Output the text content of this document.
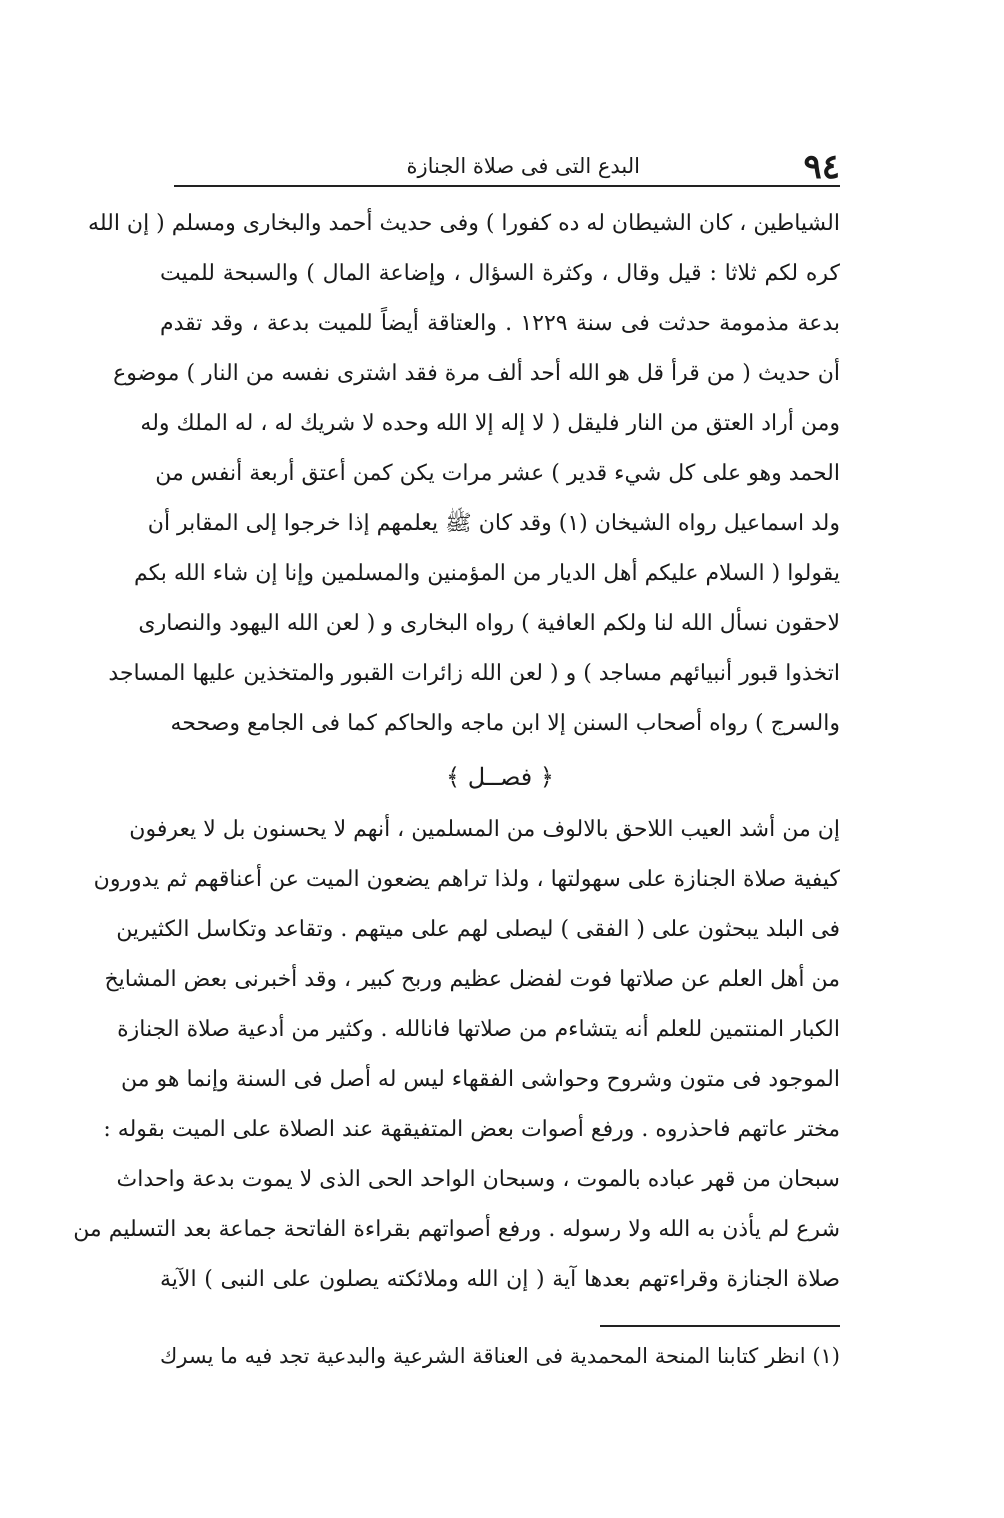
٩٤
البدع التى فى صلاة الجنازة
الشياطين ، كان الشيطان له ده كفورا ) وفى حديث أحمد والبخارى ومسلم ( إن الله
كره لكم ثلاثا : قيل وقال ، وكثرة السؤال ، وإضاعة المال ) والسبحة للميت
بدعة مذمومة حدثت فى سنة ١٢٢٩ . والعتاقة أيضاً للميت بدعة ، وقد تقدم
أن حديث ( من قرأ قل هو الله أحد ألف مرة فقد اشترى نفسه من النار ) موضوع
ومن أراد العتق من النار فليقل ( لا إله إلا الله وحده لا شريك له ، له الملك وله
الحمد وهو على كل شيء قدير ) عشر مرات يكن كمن أعتق أربعة أنفس من
ولد اسماعيل رواه الشيخان (١) وقد كان ﷺ يعلمهم إذا خرجوا إلى المقابر أن
يقولوا ( السلام عليكم أهل الديار من المؤمنين والمسلمين وإنا إن شاء الله بكم
لاحقون نسأل الله لنا ولكم العافية ) رواه البخارى و ( لعن الله اليهود والنصارى
اتخذوا قبور أنبيائهم مساجد ) و ( لعن الله زائرات القبور والمتخذين عليها المساجد
والسرج ) رواه أصحاب السنن إلا ابن ماجه والحاكم كما فى الجامع وصححه
﴿ فصــل ﴾
إن من أشد العيب اللاحق بالالوف من المسلمين ، أنهم لا يحسنون بل لا يعرفون
كيفية صلاة الجنازة على سهولتها ، ولذا تراهم يضعون الميت عن أعناقهم ثم يدورون
فى البلد يبحثون على ( الفقى ) ليصلى لهم على ميتهم . وتقاعد وتكاسل الكثيرين
من أهل العلم عن صلاتها فوت لفضل عظيم وربح كبير ، وقد أخبرنى بعض المشايخ
الكبار المنتمين للعلم أنه يتشاءم من صلاتها فانالله . وكثير من أدعية صلاة الجنازة
الموجود فى متون وشروح وحواشى الفقهاء ليس له أصل فى السنة وإنما هو من
مختر عاتهم فاحذروه . ورفع أصوات بعض المتفيقهة عند الصلاة على الميت بقوله :
سبحان من قهر عباده بالموت ، وسبحان الواحد الحى الذى لا يموت بدعة واحداث
شرع لم يأذن به الله ولا رسوله . ورفع أصواتهم بقراءة الفاتحة جماعة بعد التسليم من
صلاة الجنازة وقراءتهم بعدها آية ( إن الله وملائكته يصلون على النبى ) الآية
(١) انظر كتابنا المنحة المحمدية فى العناقة الشرعية والبدعية تجد فيه ما يسرك
